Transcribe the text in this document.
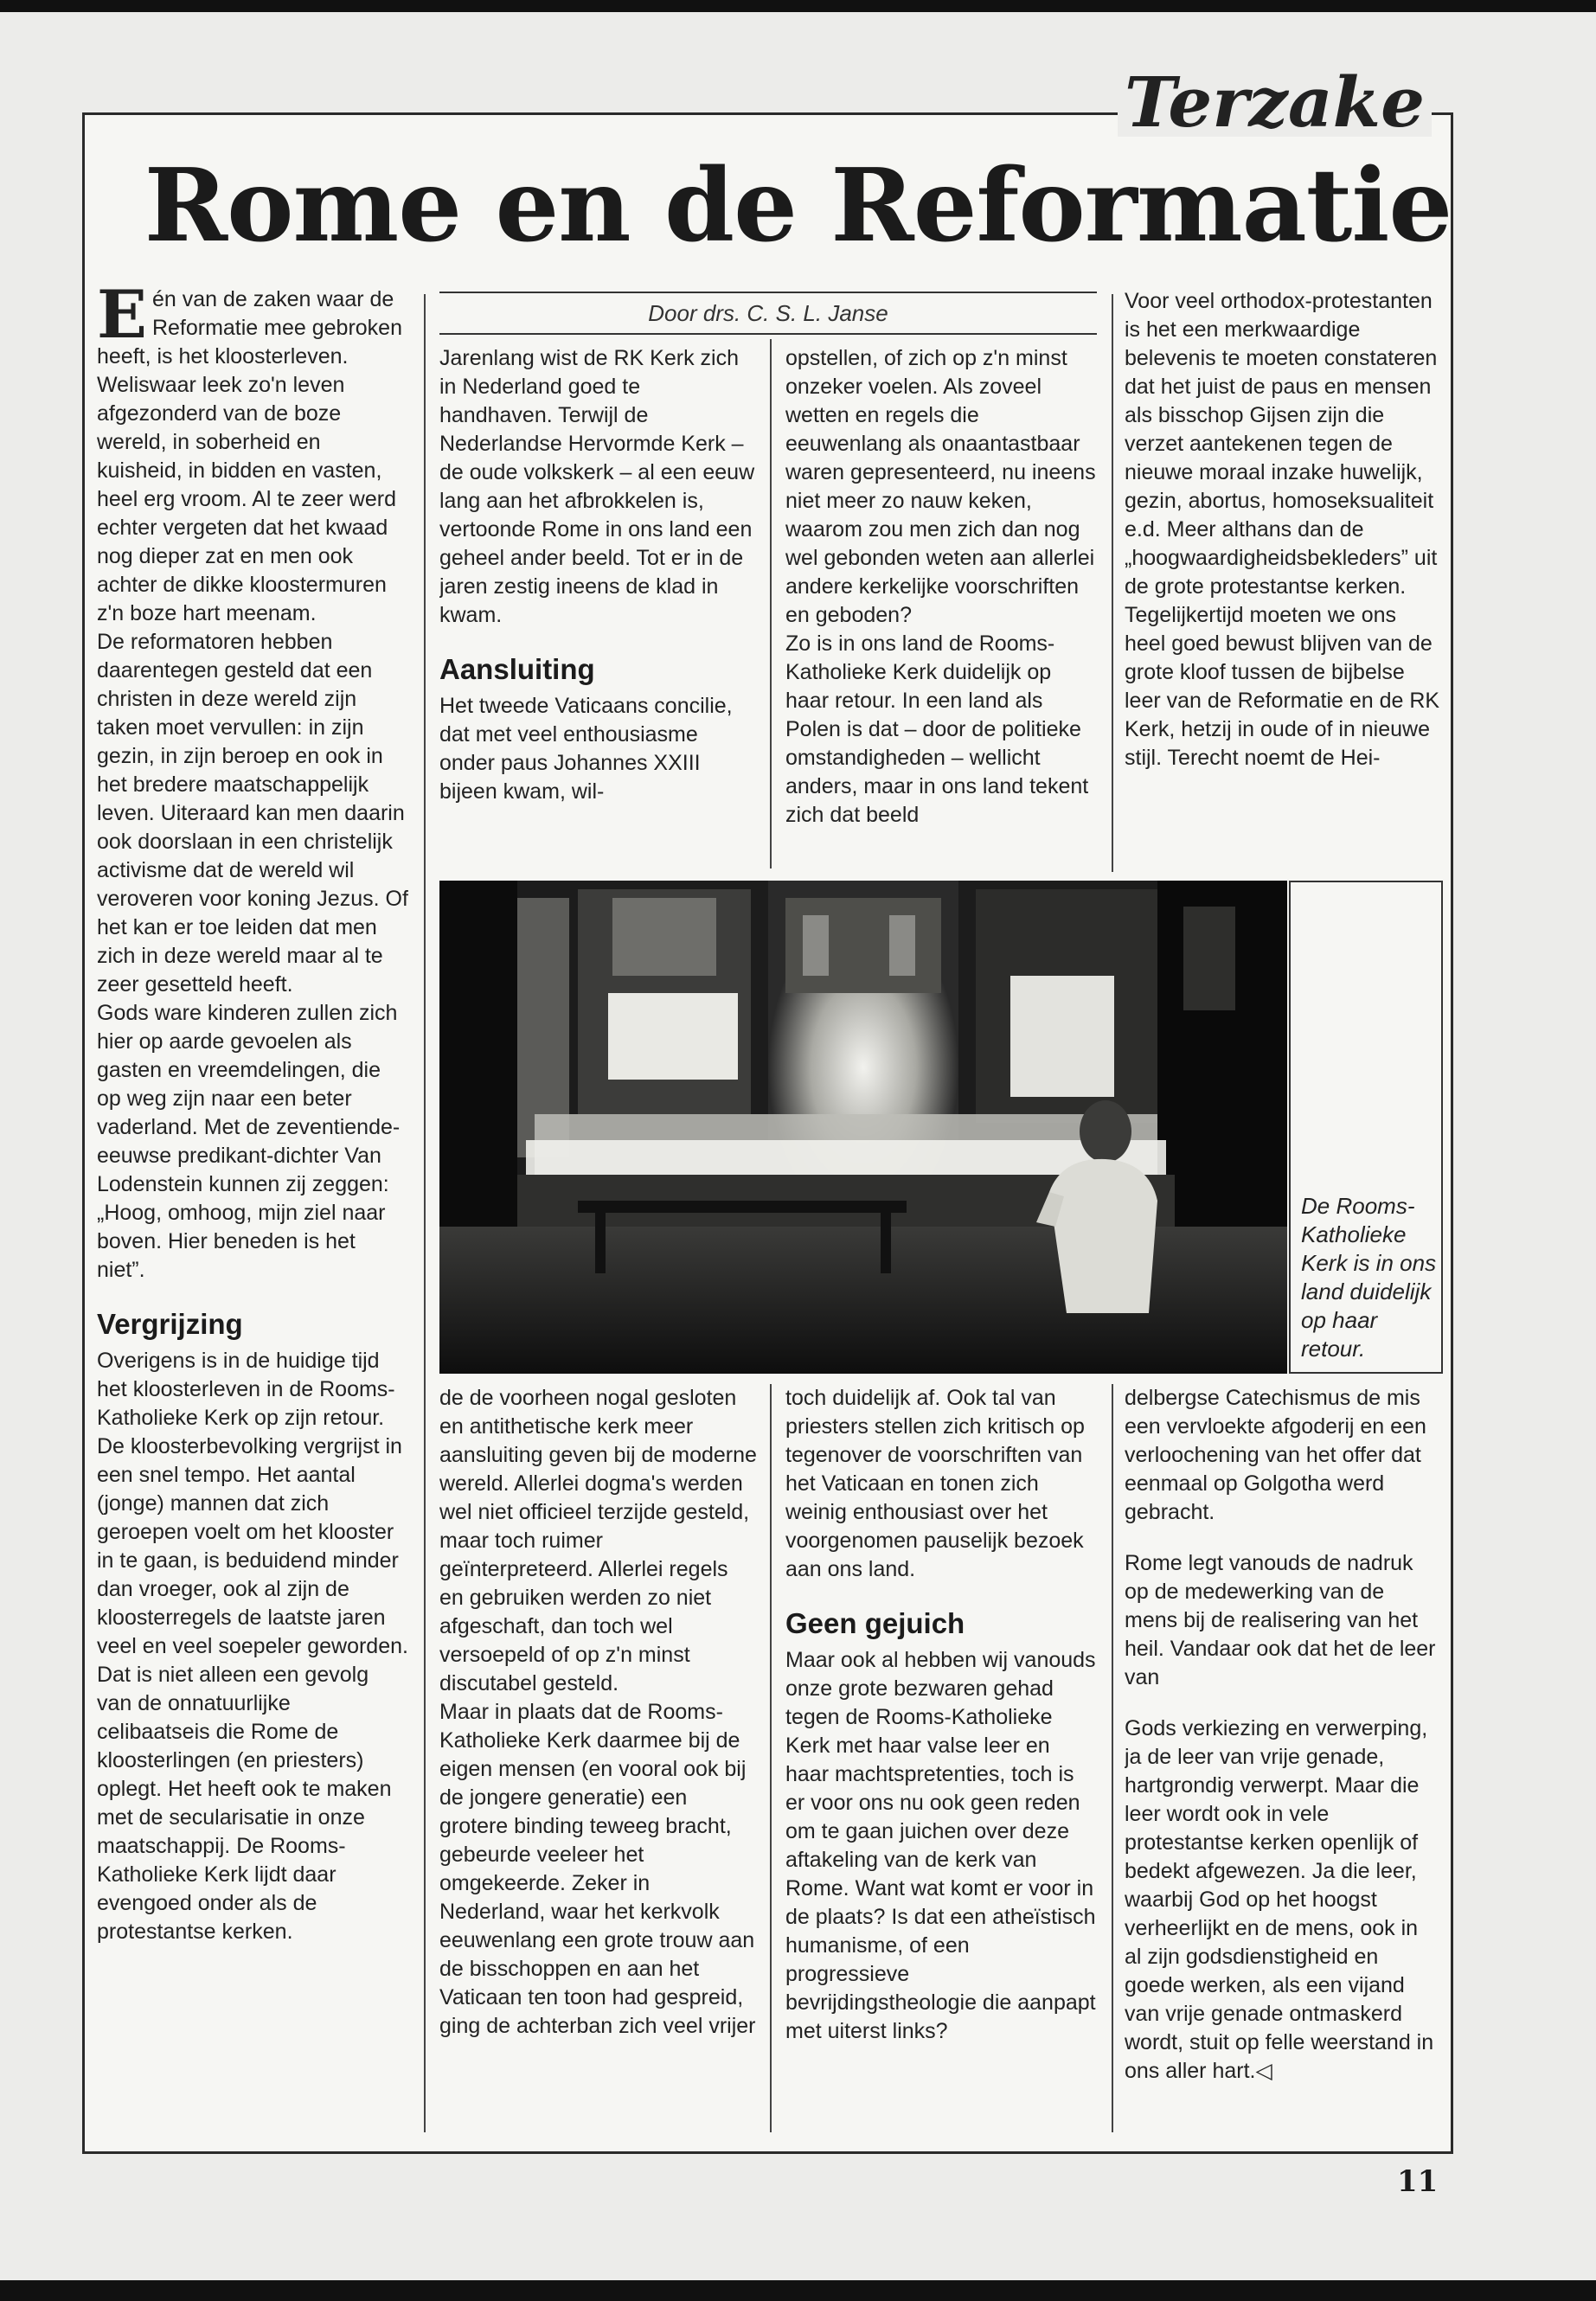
Terzake
Rome en de Reformatie

Eén van de zaken waar de Reformatie mee gebroken heeft, is het kloosterleven. Weliswaar leek zo'n leven afgezonderd van de boze wereld, in soberheid en kuisheid, in bidden en vasten, heel erg vroom. Al te zeer werd echter vergeten dat het kwaad nog dieper zat en men ook achter de dikke kloostermuren z'n boze hart meenam.

De reformatoren hebben daarentegen gesteld dat een christen in deze wereld zijn taken moet vervullen: in zijn gezin, in zijn beroep en ook in het bredere maatschappelijk leven. Uiteraard kan men daarin ook doorslaan in een christelijk activisme dat de wereld wil veroveren voor koning Jezus. Of het kan er toe leiden dat men zich in deze wereld maar al te zeer gesetteld heeft.

Gods ware kinderen zullen zich hier op aarde gevoelen als gasten en vreemdelingen, die op weg zijn naar een beter vaderland. Met de zeventiende-eeuwse predikant-dichter Van Lodenstein kunnen zij zeggen: „Hoog, omhoog, mijn ziel naar boven. Hier beneden is het niet”.

Vergrijzing

Overigens is in de huidige tijd het kloosterleven in de Rooms-Katholieke Kerk op zijn retour. De kloosterbevolking vergrijst in een snel tempo. Het aantal (jonge) mannen dat zich geroepen voelt om het klooster in te gaan, is beduidend minder dan vroeger, ook al zijn de kloosterregels de laatste jaren veel en veel soepeler geworden.

Dat is niet alleen een gevolg van de onnatuurlijke celibaatseis die Rome de kloosterlingen (en priesters) oplegt. Het heeft ook te maken met de secularisatie in onze maatschappij. De Rooms-Katholieke Kerk lijdt daar evengoed onder als de protestantse kerken.

Door drs. C. S. L. Janse

Jarenlang wist de RK Kerk zich in Nederland goed te handhaven. Terwijl de Nederlandse Hervormde Kerk – de oude volkskerk – al een eeuw lang aan het afbrokkelen is, vertoonde Rome in ons land een geheel ander beeld. Tot er in de jaren zestig ineens de klad in kwam.

Aansluiting

Het tweede Vaticaans concilie, dat met veel enthousiasme onder paus Johannes XXIII bijeen kwam, wil-

opstellen, of zich op z'n minst onzeker voelen. Als zoveel wetten en regels die eeuwenlang als onaantastbaar waren gepresenteerd, nu ineens niet meer zo nauw keken, waarom zou men zich dan nog wel gebonden weten aan allerlei andere kerkelijke voorschriften en geboden?

Zo is in ons land de Rooms-Katholieke Kerk duidelijk op haar retour. In een land als Polen is dat – door de politieke omstandigheden – wellicht anders, maar in ons land tekent zich dat beeld

Voor veel orthodox-protestanten is het een merkwaardige belevenis te moeten constateren dat het juist de paus en mensen als bisschop Gijsen zijn die verzet aantekenen tegen de nieuwe moraal inzake huwelijk, gezin, abortus, homoseksualiteit e.d. Meer althans dan de „hoogwaardigheidsbekleders” uit de grote protestantse kerken.

Tegelijkertijd moeten we ons heel goed bewust blijven van de grote kloof tussen de bijbelse leer van de Reformatie en de RK Kerk, hetzij in oude of in nieuwe stijl. Terecht noemt de Hei-

De Rooms-Katholieke Kerk is in ons land duidelijk op haar retour.

de de voorheen nogal gesloten en antithetische kerk meer aansluiting geven bij de moderne wereld. Allerlei dogma's werden wel niet officieel terzijde gesteld, maar toch ruimer geïnterpreteerd. Allerlei regels en gebruiken werden zo niet afgeschaft, dan toch wel versoepeld of op z'n minst discutabel gesteld.

Maar in plaats dat de Rooms-Katholieke Kerk daarmee bij de eigen mensen (en vooral ook bij de jongere generatie) een grotere binding teweeg bracht, gebeurde veeleer het omgekeerde. Zeker in Nederland, waar het kerkvolk eeuwenlang een grote trouw aan de bisschoppen en aan het Vaticaan ten toon had gespreid, ging de achterban zich veel vrijer

toch duidelijk af. Ook tal van priesters stellen zich kritisch op tegenover de voorschriften van het Vaticaan en tonen zich weinig enthousiast over het voorgenomen pauselijk bezoek aan ons land.

Geen gejuich

Maar ook al hebben wij vanouds onze grote bezwaren gehad tegen de Rooms-Katholieke Kerk met haar valse leer en haar machtspretenties, toch is er voor ons nu ook geen reden om te gaan juichen over deze aftakeling van de kerk van Rome. Want wat komt er voor in de plaats? Is dat een atheïstisch humanisme, of een progressieve bevrijdingstheologie die aanpapt met uiterst links?

delbergse Catechismus de mis een vervloekte afgoderij en een verloochening van het offer dat eenmaal op Golgotha werd gebracht.

Rome legt vanouds de nadruk op de medewerking van de mens bij de realisering van het heil. Vandaar ook dat het de leer van

Gods verkiezing en verwerping, ja de leer van vrije genade, hartgrondig verwerpt. Maar die leer wordt ook in vele protestantse kerken openlijk of bedekt afgewezen. Ja die leer, waarbij God op het hoogst verheerlijkt en de mens, ook in al zijn godsdienstigheid en goede werken, als een vijand van vrije genade ontmaskerd wordt, stuit op felle weerstand in ons aller hart.◁

11
